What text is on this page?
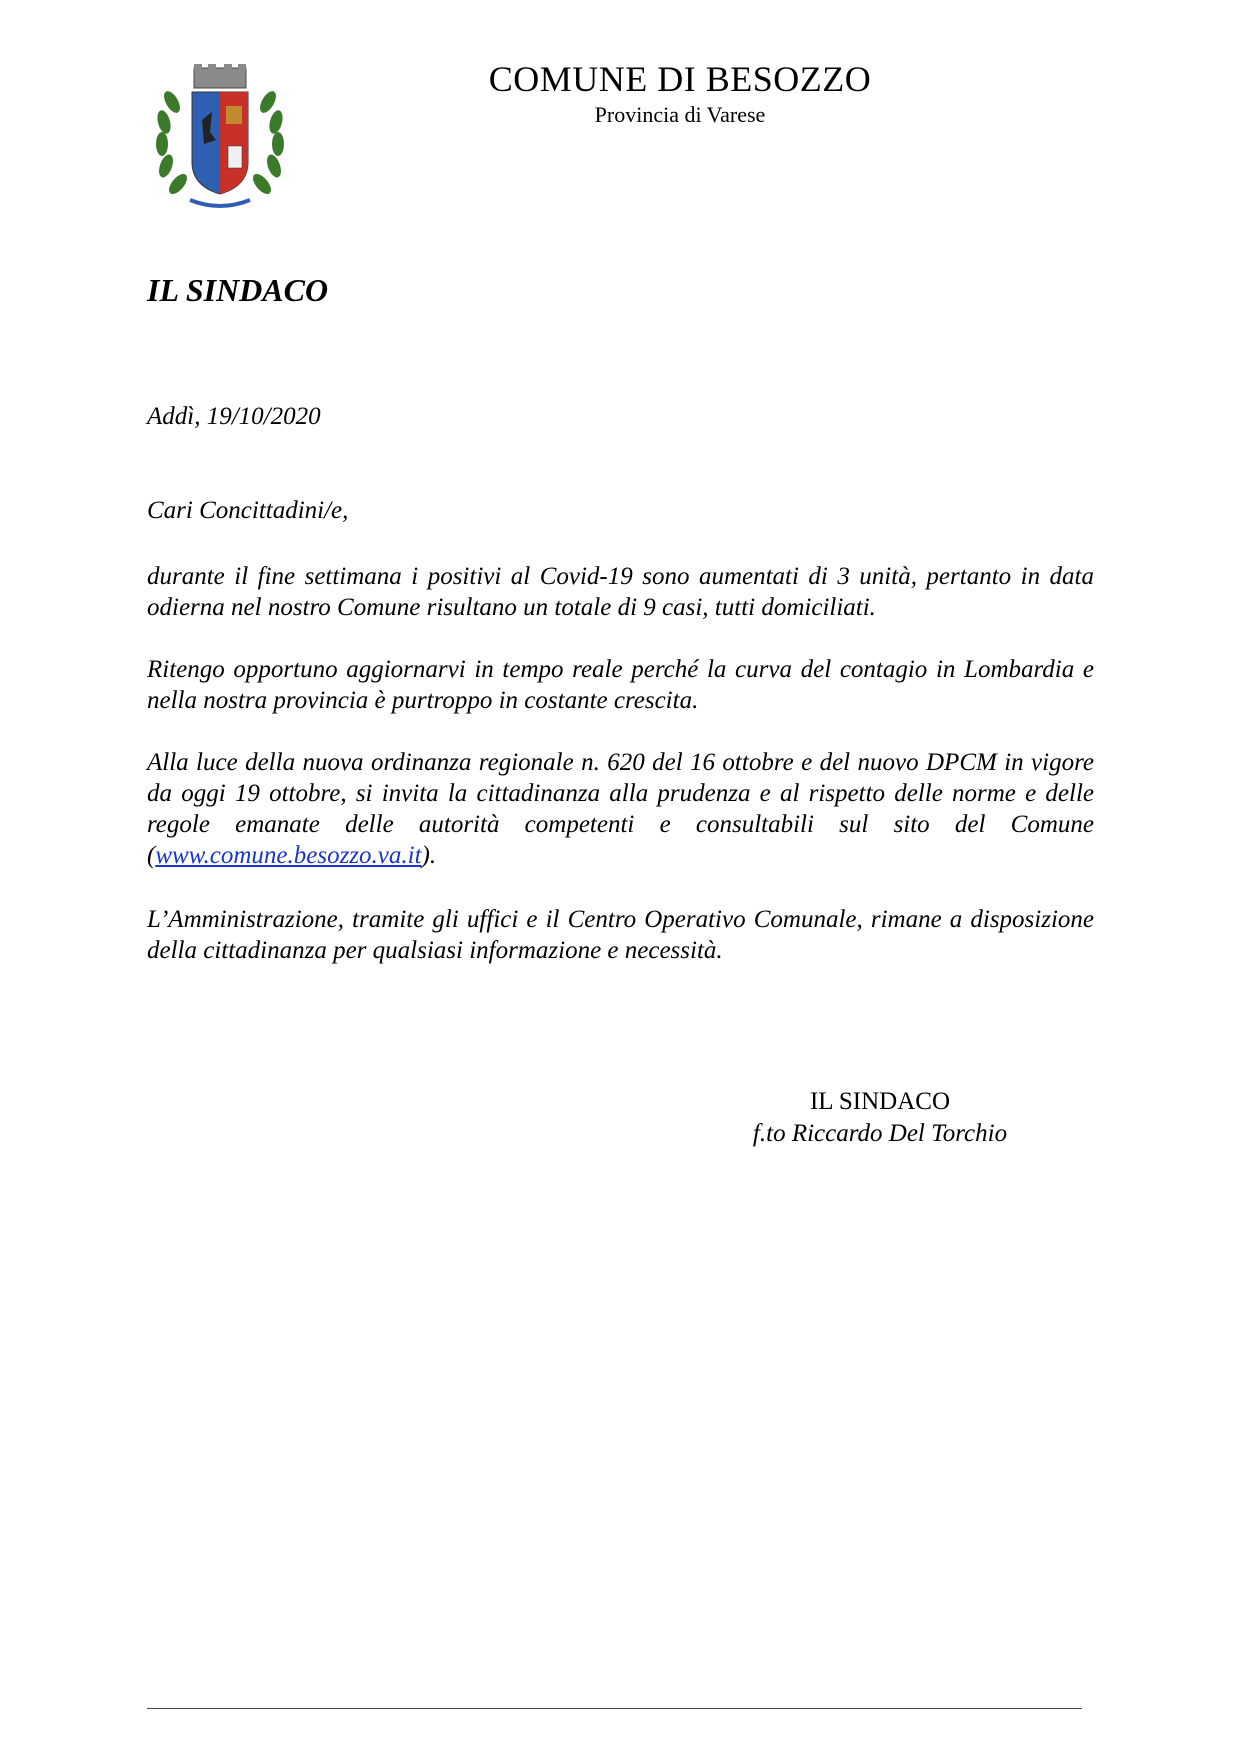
COMUNE DI BESOZZO
Provincia di Varese
IL SINDACO
Addì, 19/10/2020
Cari Concittadini/e,

durante il fine settimana i positivi al Covid-19 sono aumentati di 3 unità, pertanto in data odierna nel nostro Comune risultano un totale di 9 casi, tutti domiciliati.

Ritengo opportuno aggiornarvi in tempo reale perché la curva del contagio in Lombardia e nella nostra provincia è purtroppo in costante crescita.

Alla luce della nuova ordinanza regionale n. 620 del 16 ottobre e del nuovo DPCM in vigore da oggi 19 ottobre, si invita la cittadinanza alla prudenza e al rispetto delle norme e delle regole emanate delle autorità competenti e consultabili sul sito del Comune (www.comune.besozzo.va.it).

L’Amministrazione, tramite gli uffici e il Centro Operativo Comunale, rimane a disposizione della cittadinanza per qualsiasi informazione e necessità.

IL SINDACO
f.to Riccardo Del Torchio
